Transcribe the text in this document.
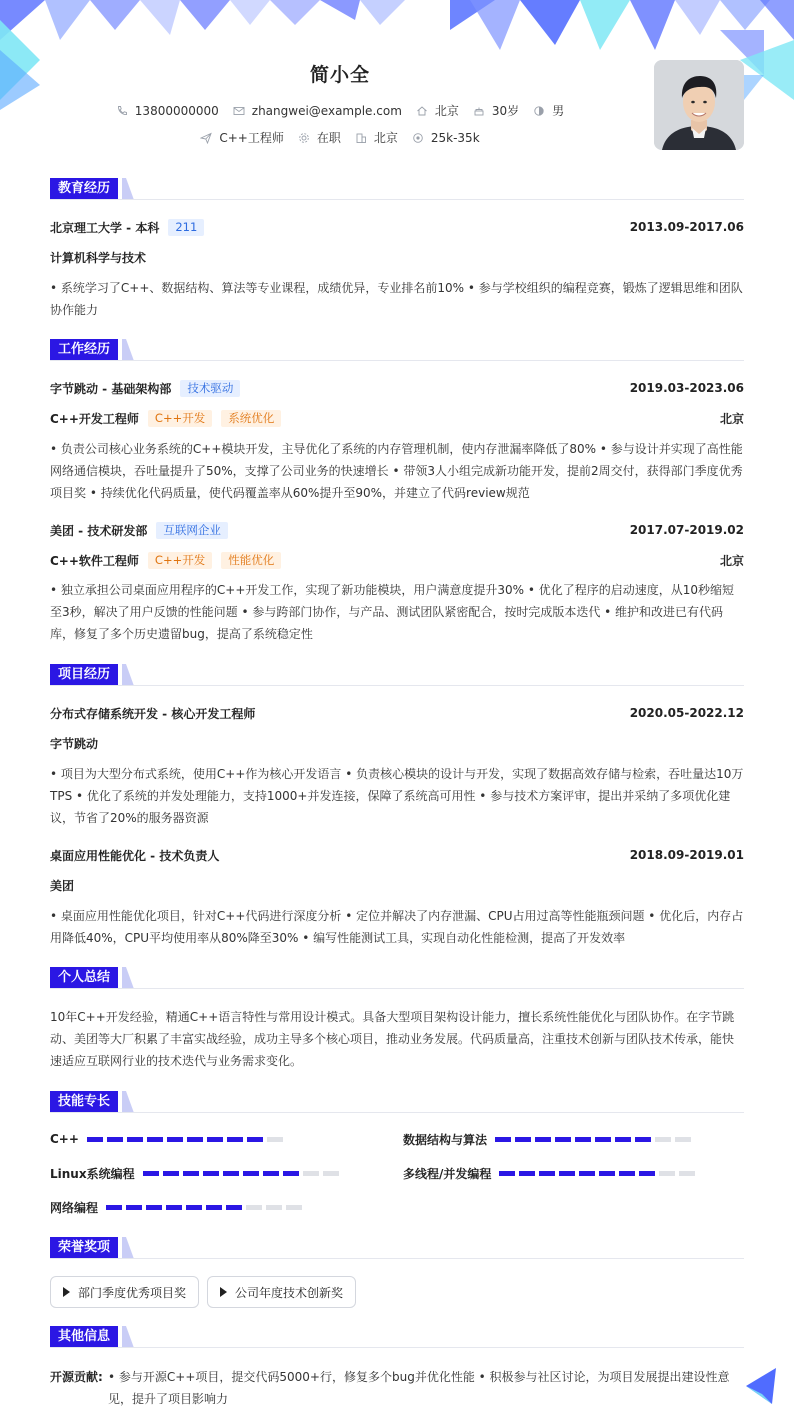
简小全
13800000000	zhangwei@example.com	北京	30岁	男
C++工程师	在职	北京	25k-35k
教育经历
北京理工大学 - 本科	211	2013.09-2017.06
计算机科学与技术
• 系统学习了C++、数据结构、算法等专业课程，成绩优异，专业排名前10% • 参与学校组织的编程竞赛，锻炼了逻辑思维和团队协作能力
工作经历
字节跳动 - 基础架构部	技术驱动	2019.03-2023.06
C++开发工程师	C++开发	系统优化	北京
• 负责公司核心业务系统的C++模块开发，主导优化了系统的内存管理机制，使内存泄漏率降低了80% • 参与设计并实现了高性能网络通信模块，吞吐量提升了50%，支撑了公司业务的快速增长 • 带领3人小组完成新功能开发，提前2周交付，获得部门季度优秀项目奖 • 持续优化代码质量，使代码覆盖率从60%提升至90%，并建立了代码review规范
美团 - 技术研发部	互联网企业	2017.07-2019.02
C++软件工程师	C++开发	性能优化	北京
• 独立承担公司桌面应用程序的C++开发工作，实现了新功能模块，用户满意度提升30% • 优化了程序的启动速度，从10秒缩短至3秒，解决了用户反馈的性能问题 • 参与跨部门协作，与产品、测试团队紧密配合，按时完成版本迭代 • 维护和改进已有代码库，修复了多个历史遗留bug，提高了系统稳定性
项目经历
分布式存储系统开发 - 核心开发工程师	2020.05-2022.12
字节跳动
• 项目为大型分布式系统，使用C++作为核心开发语言 • 负责核心模块的设计与开发，实现了数据高效存储与检索，吞吐量达10万TPS • 优化了系统的并发处理能力，支持1000+并发连接，保障了系统高可用性 • 参与技术方案评审，提出并采纳了多项优化建议，节省了20%的服务器资源
桌面应用性能优化 - 技术负责人	2018.09-2019.01
美团
• 桌面应用性能优化项目，针对C++代码进行深度分析 • 定位并解决了内存泄漏、CPU占用过高等性能瓶颈问题 • 优化后，内存占用降低40%，CPU平均使用率从80%降至30% • 编写性能测试工具，实现自动化性能检测，提高了开发效率
个人总结
10年C++开发经验，精通C++语言特性与常用设计模式。具备大型项目架构设计能力，擅长系统性能优化与团队协作。在字节跳动、美团等大厂积累了丰富实战经验，成功主导多个核心项目，推动业务发展。代码质量高，注重技术创新与团队技术传承，能快速适应互联网行业的技术迭代与业务需求变化。
技能专长
C++	数据结构与算法
Linux系统编程	多线程/并发编程
网络编程
荣誉奖项
部门季度优秀项目奖	公司年度技术创新奖
其他信息
开源贡献: • 参与开源C++项目，提交代码5000+行，修复多个bug并优化性能 • 积极参与社区讨论，为项目发展提出建设性意见，提升了项目影响力
